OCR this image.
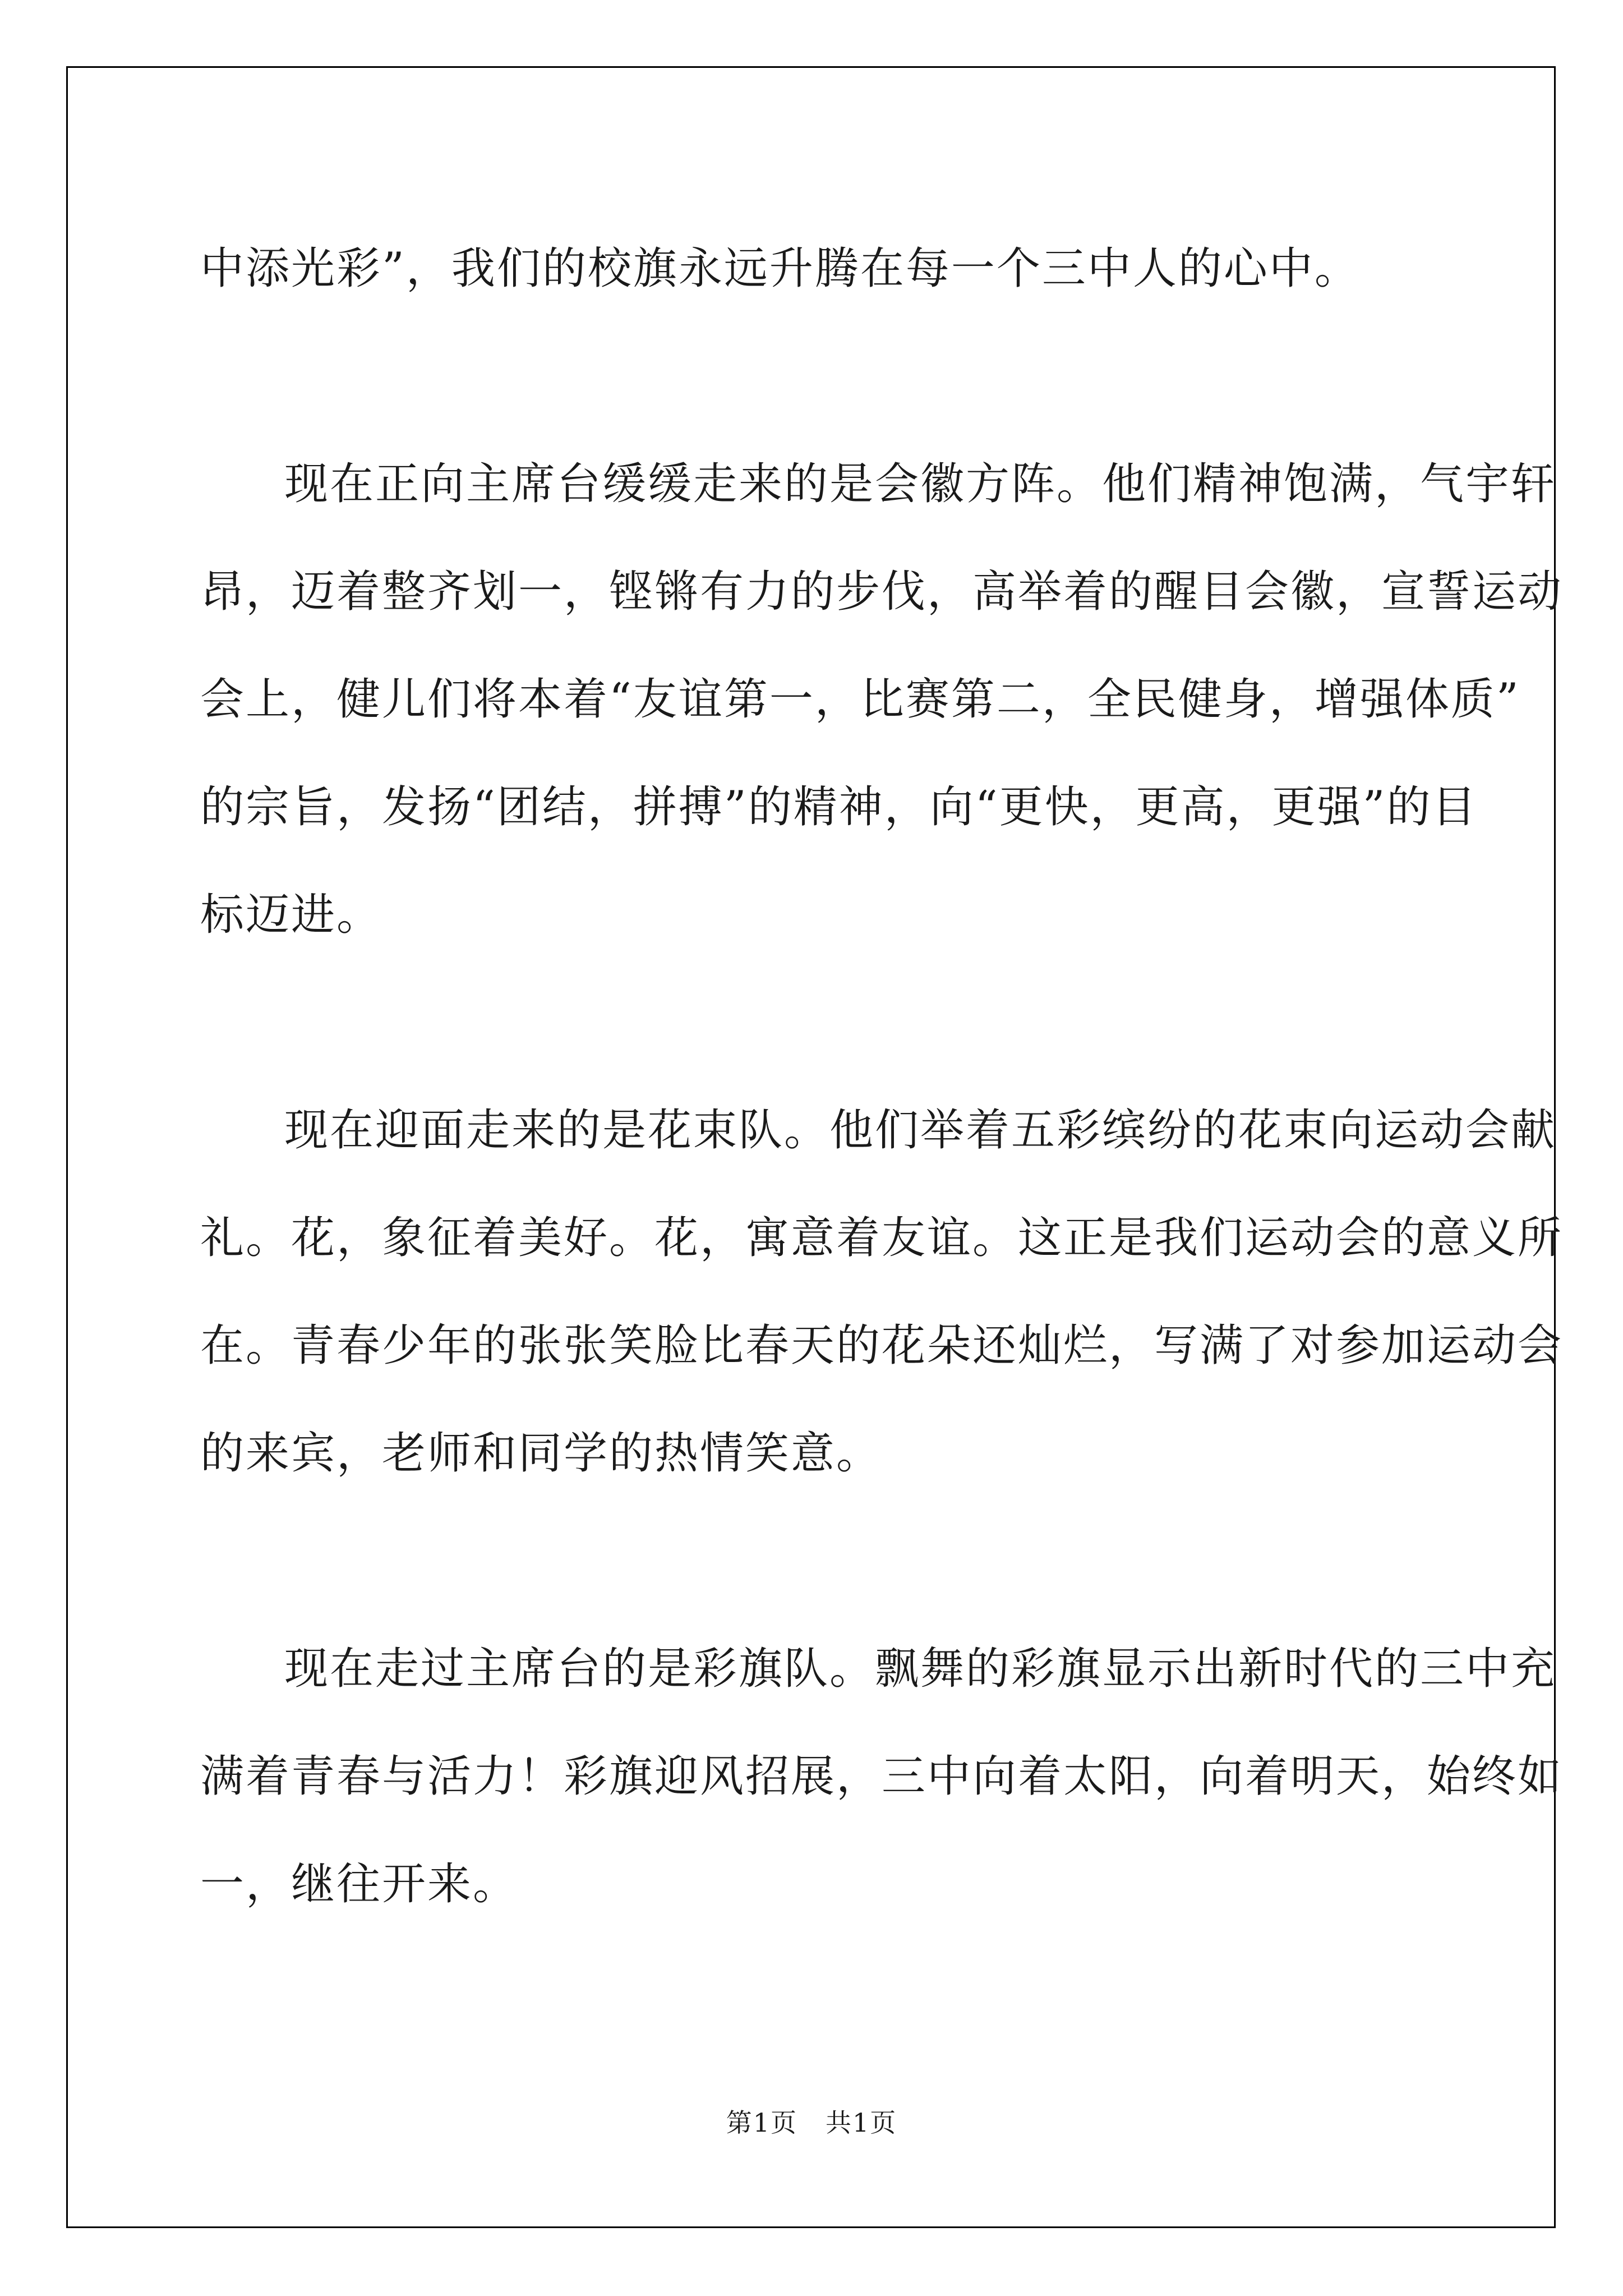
中添光彩”，我们的校旗永远升腾在每一个三中人的心中。
现在正向主席台缓缓走来的是会徽方阵。他们精神饱满，气宇轩
昂，迈着整齐划一，铿锵有力的步伐，高举着的醒目会徽，宣誓运动
会上，健儿们将本着“友谊第一，比赛第二，全民健身，增强体质”
的宗旨，发扬“团结，拼搏”的精神，向“更快，更高，更强”的目
标迈进。
现在迎面走来的是花束队。他们举着五彩缤纷的花束向运动会献
礼。花，象征着美好。花，寓意着友谊。这正是我们运动会的意义所
在。青春少年的张张笑脸比春天的花朵还灿烂，写满了对参加运动会
的来宾，老师和同学的热情笑意。
现在走过主席台的是彩旗队。飘舞的彩旗显示出新时代的三中充
满着青春与活力！彩旗迎风招展，三中向着太阳，向着明天，始终如
一，继往开来。
第1页 共1页
